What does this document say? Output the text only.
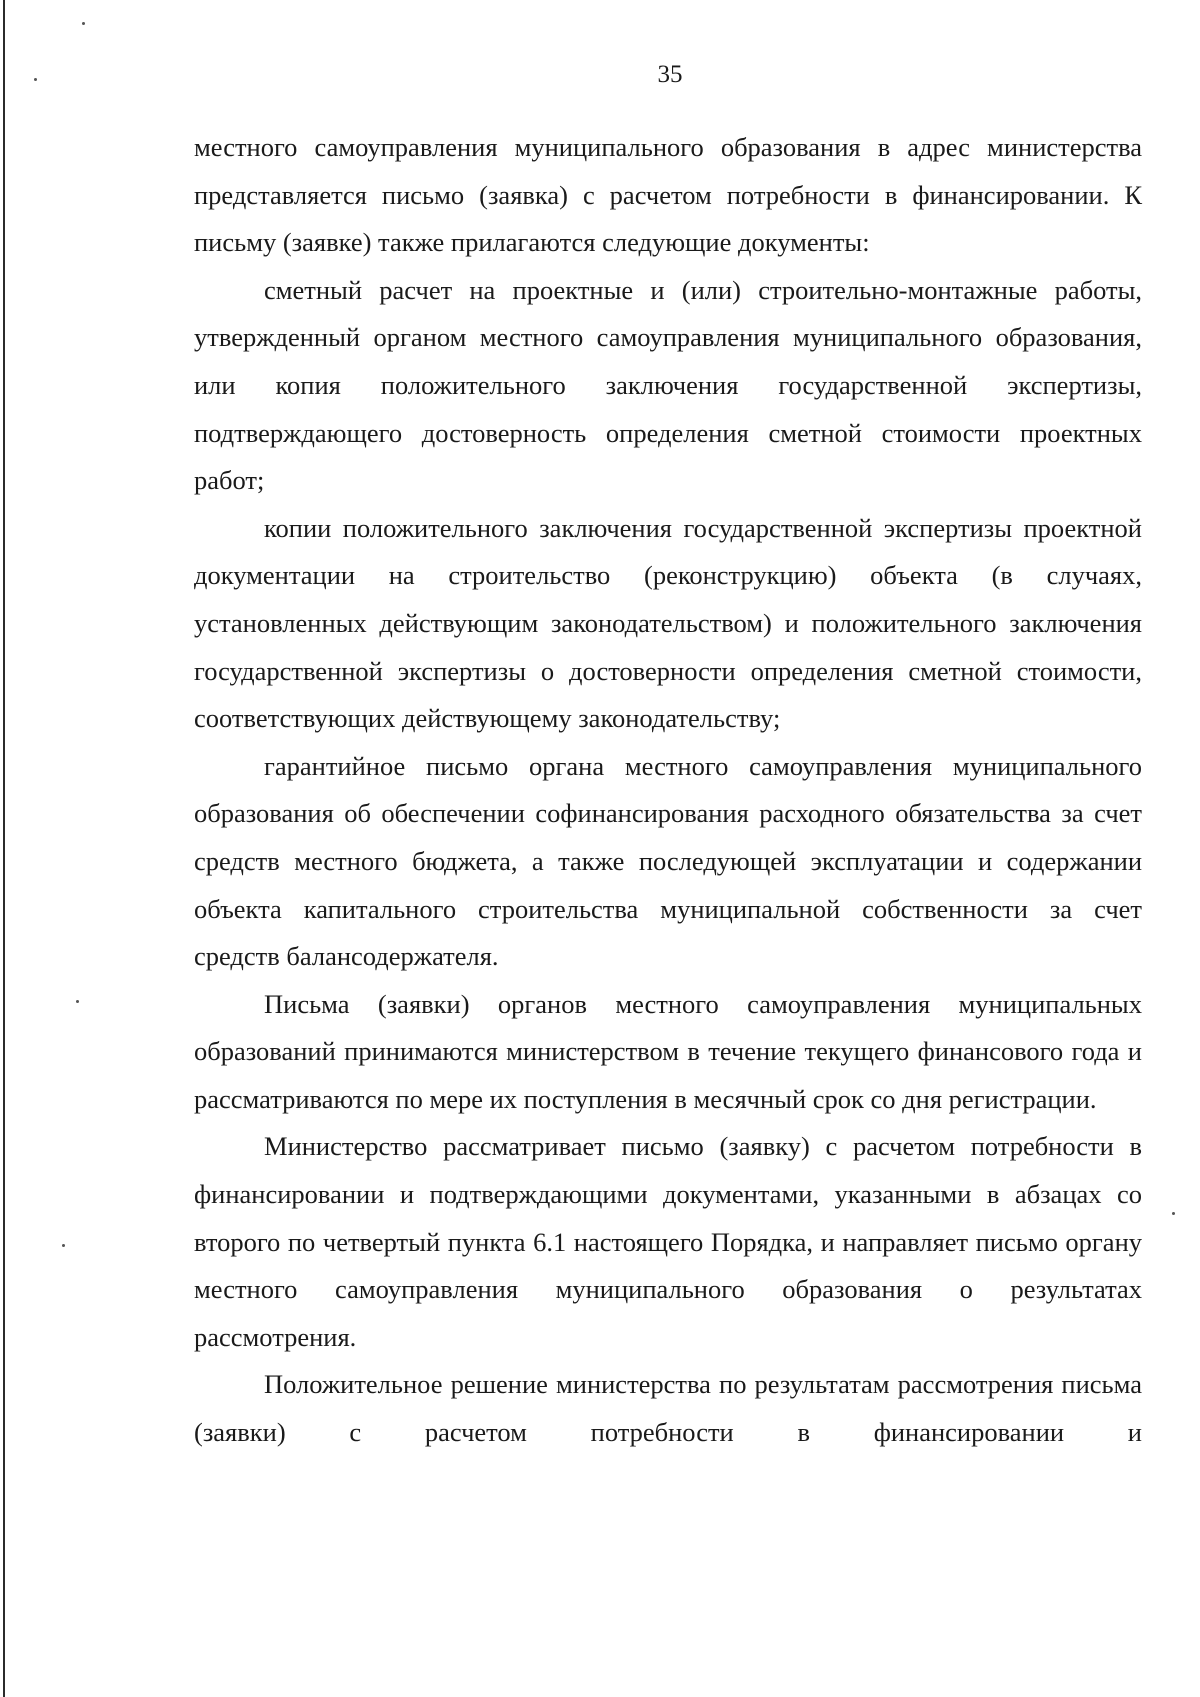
35

местного самоуправления муниципального образования в адрес министерства представляется письмо (заявка) с расчетом потребности в финансировании. К письму (заявке) также прилагаются следующие документы:

сметный расчет на проектные и (или) строительно-монтажные работы, утвержденный органом местного самоуправления муниципального образования, или копия положительного заключения государственной экспертизы, подтверждающего достоверность определения сметной стоимости проектных работ;

копии положительного заключения государственной экспертизы проектной документации на строительство (реконструкцию) объекта (в случаях, установленных действующим законодательством) и положительного заключения государственной экспертизы о достоверности определения сметной стоимости, соответствующих действующему законодательству;

гарантийное письмо органа местного самоуправления муниципального образования об обеспечении софинансирования расходного обязательства за счет средств местного бюджета, а также последующей эксплуатации и содержании объекта капитального строительства муниципальной собственности за счет средств балансодержателя.

Письма (заявки) органов местного самоуправления муниципальных образований принимаются министерством в течение текущего финансового года и рассматриваются по мере их поступления в месячный срок со дня регистрации.

Министерство рассматривает письмо (заявку) с расчетом потребности в финансировании и подтверждающими документами, указанными в абзацах со второго по четвертый пункта 6.1 настоящего Порядка, и направляет письмо органу местного самоуправления муниципального образования о результатах рассмотрения.

Положительное решение министерства по результатам рассмотрения письма (заявки) с расчетом потребности в финансировании и
